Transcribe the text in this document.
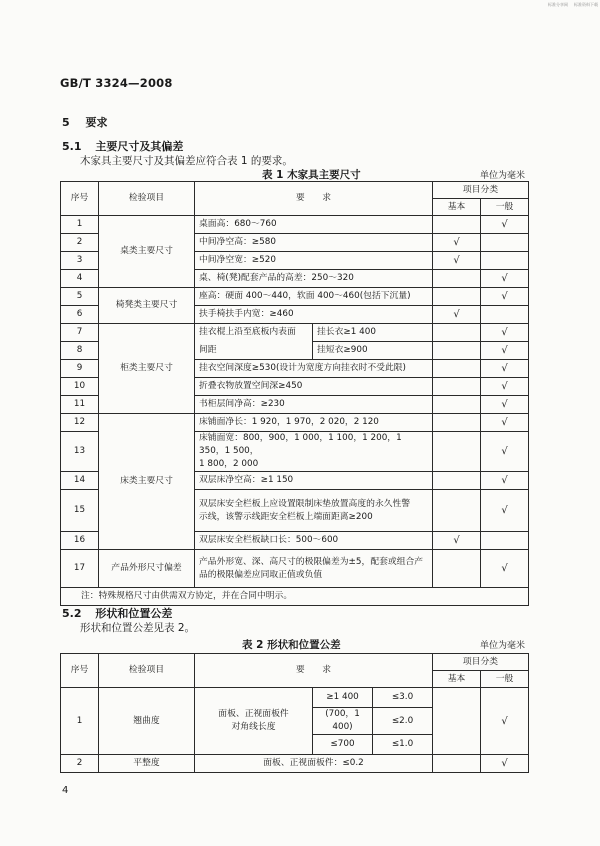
标准分享网 标准资料下载
GB/T 3324—2008
5 要求
5.1 主要尺寸及其偏差
木家具主要尺寸及其偏差应符合表 1 的要求。
表 1 木家具主要尺寸	单位为毫米
序号	检验项目	要　　求		项目分类	
				基本	一般
1	桌类主要尺寸	桌面高：680～760			√
2		中间净空高：≥580		√	
3		中间净空宽：≥520		√	
4		桌、椅(凳)配套产品的高差：250～320			√
5	椅凳类主要尺寸	座高：硬面 400～440，软面 400～460(包括下沉量)			√
6		扶手椅扶手内宽：≥460		√	
7	柜类主要尺寸	挂衣棍上沿至底板内表面	挂长衣≥1 400		√
8		间距	挂短衣≥900		√
9		挂衣空间深度≥530(设计为宽度方向挂衣时不受此限)			√
10		折叠衣物放置空间深≥450			√
11		书柜层间净高：≥230			√
12	床类主要尺寸	床铺面净长：1 920，1 970，2 020，2 120			√
13		床铺面宽：800，900，1 000，1 100，1 200，1 350，1 500，
1 800，2 000			√
14		双层床净空高：≥1 150			√
15		双层床安全栏板上应设置限制床垫放置高度的永久性警
示线，该警示线距安全栏板上端面距离≥200			√
16		双层床安全栏板缺口长：500～600		√	
17	产品外形尺寸偏差	产品外形宽、深、高尺寸的极限偏差为±5，配套或组合产
品的极限偏差应同取正值或负值			√
注：特殊规格尺寸由供需双方协定，并在合同中明示。					
5.2 形状和位置公差
形状和位置公差见表 2。
表 2 形状和位置公差	单位为毫米
序号	检验项目	要　　求			项目分类	
					基本	一般
1	翘曲度	面板、正视面板件
对角线长度	≥1 400	≤3.0		√
			(700，1 400)	≤2.0		
			≤700	≤1.0		
2	平整度	面板、正视面板件：≤0.2				√
4
